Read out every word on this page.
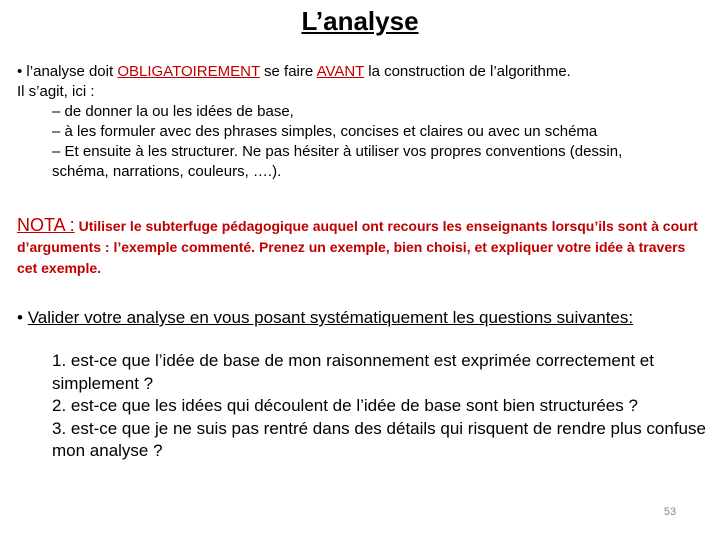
L’analyse
• l’analyse doit OBLIGATOIREMENT se faire AVANT la construction de l’algorithme.
Il s’agit, ici :
– de donner la ou les idées de base,
– à les formuler avec des phrases simples, concises et claires ou avec un schéma
– Et ensuite à les structurer. Ne pas hésiter à utiliser vos propres conventions (dessin,
schéma, narrations, couleurs, ….).
NOTA : Utiliser le subterfuge pédagogique auquel ont recours les enseignants lorsqu’ils sont à court d’arguments : l’exemple commenté. Prenez un exemple, bien choisi, et expliquer votre idée à travers cet exemple.
• Valider votre analyse en vous posant systématiquement les questions suivantes:
1. est-ce que l’idée de base de mon raisonnement est exprimée correctement et simplement ?
2. est-ce que les idées qui découlent de l’idée de base sont bien structurées ?
3. est-ce que je ne suis pas rentré dans des détails qui risquent de rendre plus confuse mon analyse ?
53
